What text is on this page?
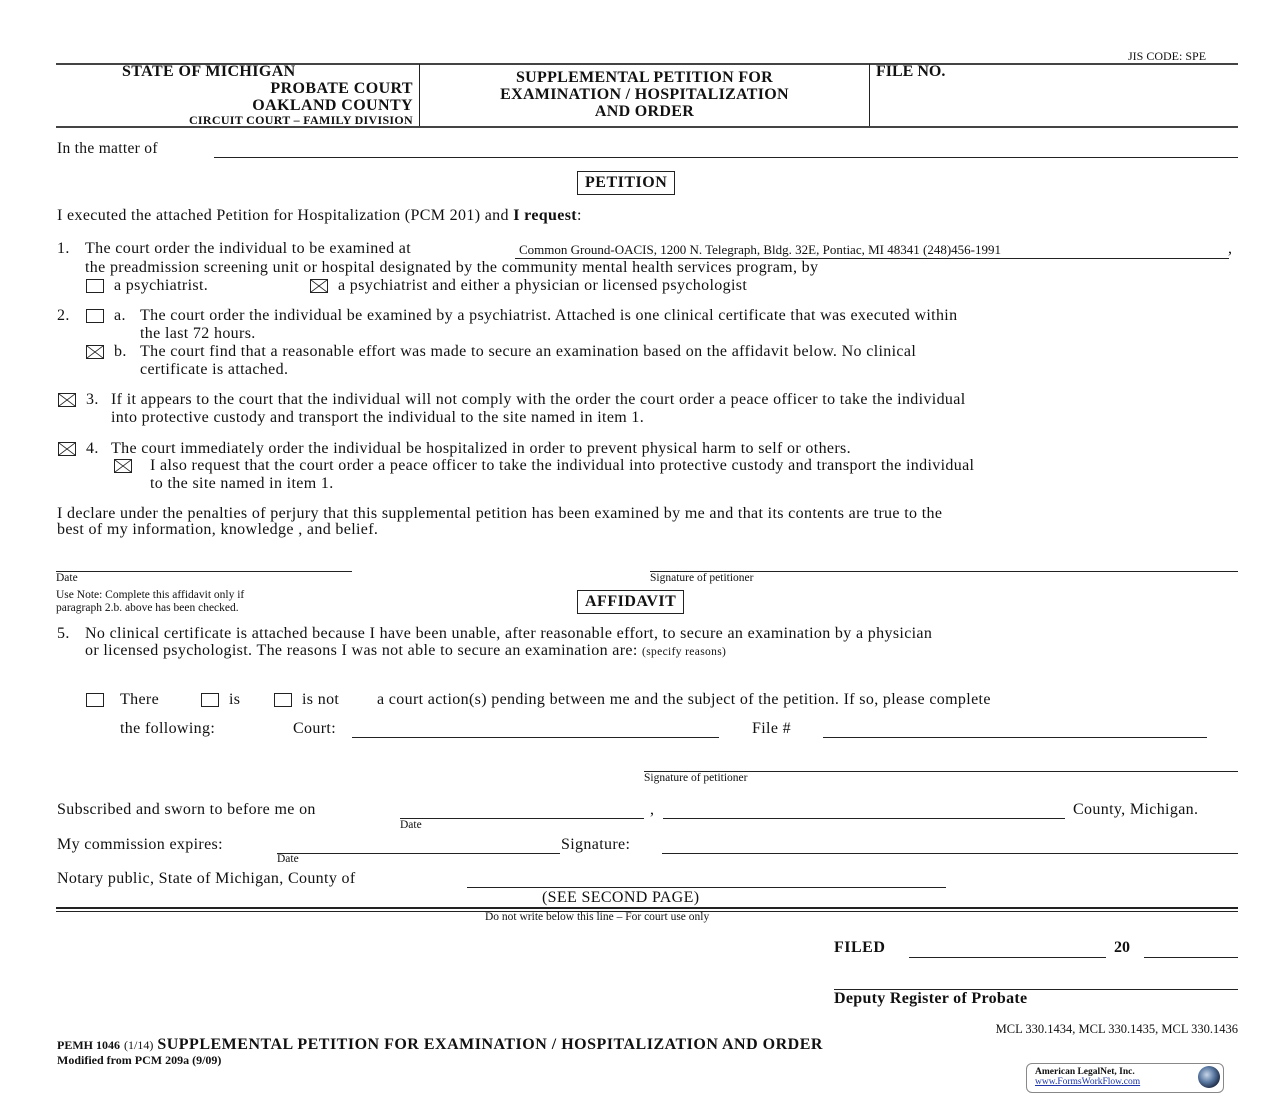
JIS CODE: SPE
STATE OF MICHIGAN
PROBATE COURT
OAKLAND COUNTY
CIRCUIT COURT – FAMILY DIVISION
SUPPLEMENTAL PETITION FOR
EXAMINATION / HOSPITALIZATION
AND ORDER
FILE NO.
In the matter of
PETITION
I executed the attached Petition for Hospitalization (PCM 201) and I request:
1. The court order the individual to be examined at	Common Ground-OACIS, 1200 N. Telegraph, Bldg. 32E, Pontiac, MI 48341 (248)456-1991	,
the preadmission screening unit or hospital designated by the community mental health services program, by
a psychiatrist.	a psychiatrist and either a physician or licensed psychologist
2.	a. The court order the individual be examined by a psychiatrist. Attached is one clinical certificate that was executed within
the last 72 hours.
b. The court find that a reasonable effort was made to secure an examination based on the affidavit below. No clinical
certificate is attached.
3. If it appears to the court that the individual will not comply with the order the court order a peace officer to take the individual
into protective custody and transport the individual to the site named in item 1.
4. The court immediately order the individual be hospitalized in order to prevent physical harm to self or others.
I also request that the court order a peace officer to take the individual into protective custody and transport the individual
to the site named in item 1.
I declare under the penalties of perjury that this supplemental petition has been examined by me and that its contents are true to the
best of my information, knowledge , and belief.
Date	Signature of petitioner
Use Note: Complete this affidavit only if
paragraph 2.b. above has been checked.	AFFIDAVIT
5. No clinical certificate is attached because I have been unable, after reasonable effort, to secure an examination by a physician
or licensed psychologist. The reasons I was not able to secure an examination are: (specify reasons)
There	is	is not a court action(s) pending between me and the subject of the petition. If so, please complete
the following:	Court:	File #
Signature of petitioner
Subscribed and sworn to before me on
Date
,	County, Michigan.
My commission expires:
Date
Signature:
Notary public, State of Michigan, County of
(SEE SECOND PAGE)
Do not write below this line – For court use only
FILED	20
Deputy Register of Probate
MCL 330.1434, MCL 330.1435, MCL 330.1436
PEMH 1046 (1/14) SUPPLEMENTAL PETITION FOR EXAMINATION / HOSPITALIZATION AND ORDER
Modified from PCM 209a (9/09)
American LegalNet, Inc.
www.FormsWorkFlow.com
